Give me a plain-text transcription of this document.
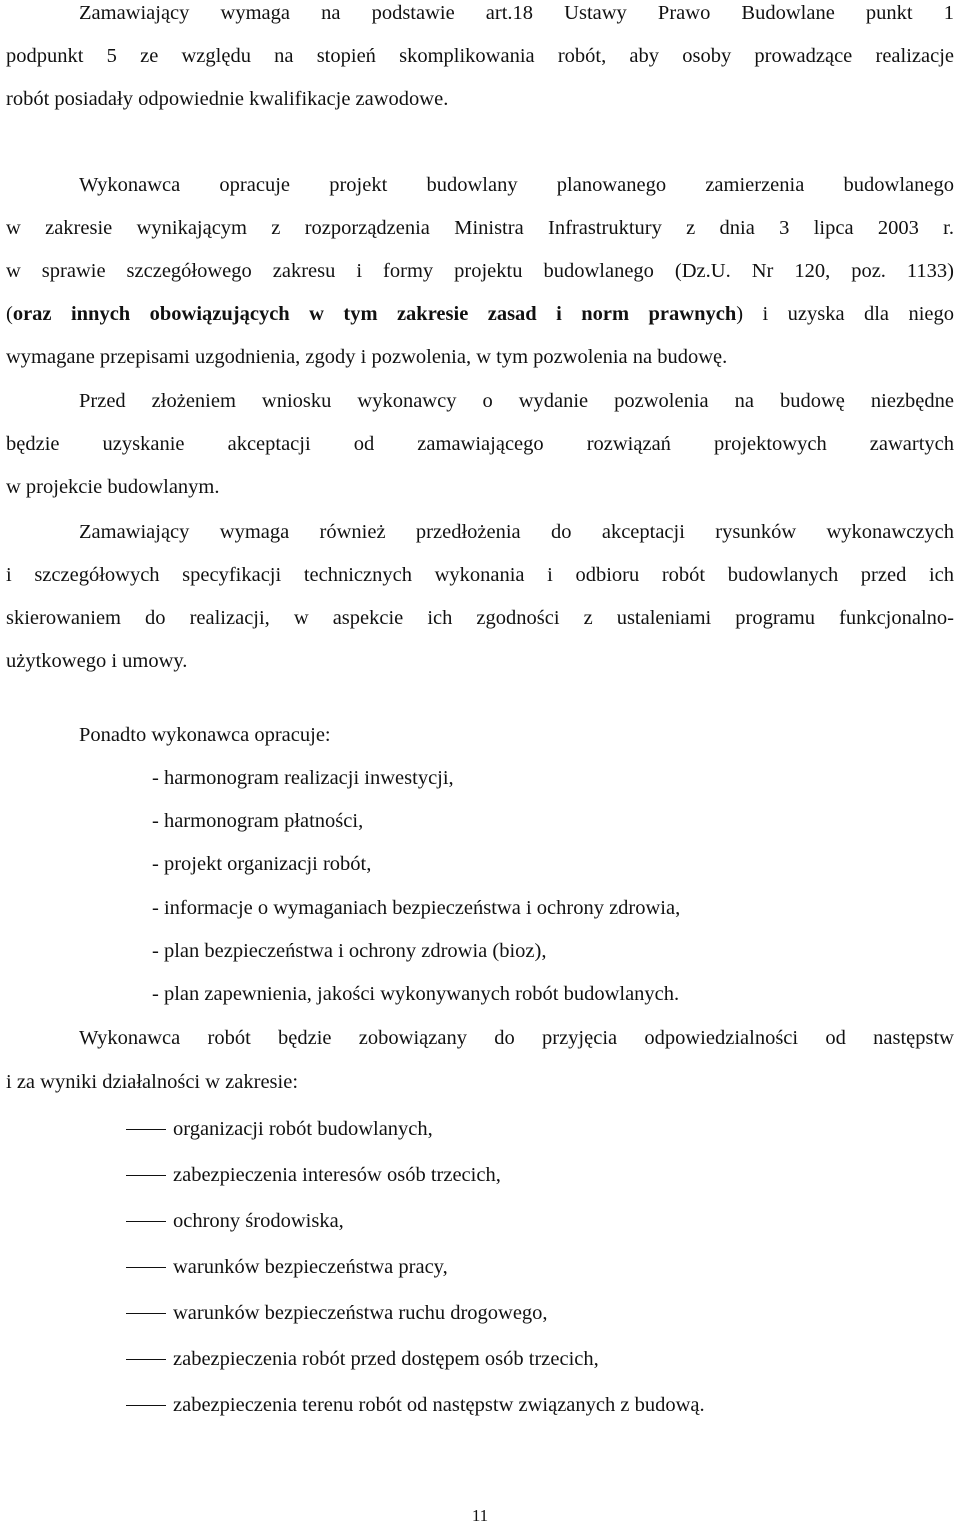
Zamawiający wymaga na podstawie art.18 Ustawy Prawo Budowlane punkt 1
podpunkt 5 ze względu na stopień skomplikowania robót, aby osoby prowadzące realizacje
robót posiadały odpowiednie kwalifikacje zawodowe.
Wykonawca opracuje projekt budowlany planowanego zamierzenia budowlanego
w zakresie wynikającym z rozporządzenia Ministra Infrastruktury z dnia 3 lipca 2003 r.
w sprawie szczegółowego zakresu i formy projektu budowlanego (Dz.U. Nr 120, poz. 1133)
(oraz innych obowiązujących w tym zakresie zasad i norm prawnych) i uzyska dla niego
wymagane przepisami uzgodnienia, zgody i pozwolenia, w tym pozwolenia na budowę.
Przed złożeniem wniosku wykonawcy o wydanie pozwolenia na budowę niezbędne
będzie uzyskanie akceptacji od zamawiającego rozwiązań projektowych zawartych
w projekcie budowlanym.
Zamawiający wymaga również przedłożenia do akceptacji rysunków wykonawczych
i szczegółowych specyfikacji technicznych wykonania i odbioru robót budowlanych przed ich
skierowaniem do realizacji, w aspekcie ich zgodności z ustaleniami programu funkcjonalno-
użytkowego i umowy.
Ponadto wykonawca opracuje:
- harmonogram realizacji inwestycji,
- harmonogram płatności,
- projekt organizacji robót,
- informacje o wymaganiach bezpieczeństwa i ochrony zdrowia,
- plan bezpieczeństwa i ochrony zdrowia (bioz),
- plan zapewnienia, jakości wykonywanych robót budowlanych.
Wykonawca robót będzie zobowiązany do przyjęcia odpowiedzialności od następstw
i za wyniki działalności w zakresie:
organizacji robót budowlanych,
zabezpieczenia interesów osób trzecich,
ochrony środowiska,
warunków bezpieczeństwa pracy,
warunków bezpieczeństwa ruchu drogowego,
zabezpieczenia robót przed dostępem osób trzecich,
zabezpieczenia terenu robót od następstw związanych z budową.
11
